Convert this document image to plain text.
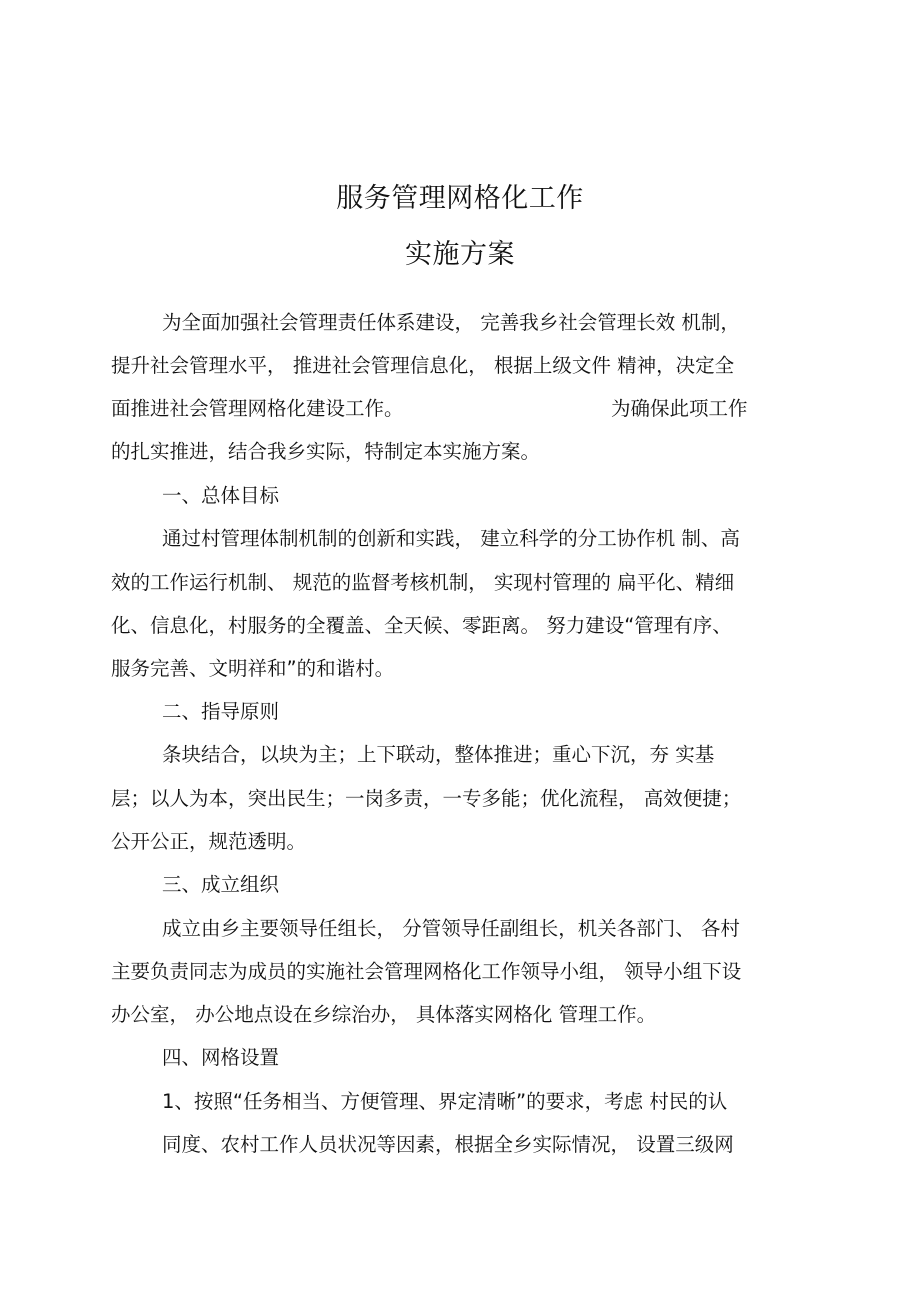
服务管理网格化工作
实施方案
为全面加强社会管理责任体系建设， 完善我乡社会管理长效 机制，
提升社会管理水平， 推进社会管理信息化， 根据上级文件 精神，决定全
面推进社会管理网格化建设工作。	为确保此项工作
的扎实推进，结合我乡实际，特制定本实施方案。
一、总体目标
通过村管理体制机制的创新和实践， 建立科学的分工协作机 制、高
效的工作运行机制、 规范的监督考核机制， 实现村管理的 扁平化、精细
化、信息化，村服务的全覆盖、全天候、零距离。 努力建设“管理有序、
服务完善、文明祥和”的和谐村。
二、指导原则
条块结合，以块为主；上下联动，整体推进；重心下沉，夯 实基
层；以人为本，突出民生；一岗多责，一专多能；优化流程， 高效便捷；
公开公正，规范透明。
三、成立组织
成立由乡主要领导任组长， 分管领导任副组长，机关各部门、 各村
主要负责同志为成员的实施社会管理网格化工作领导小组， 领导小组下设
办公室， 办公地点设在乡综治办， 具体落实网格化 管理工作。
四、网格设置
1、按照“任务相当、方便管理、界定清晰”的要求，考虑 村民的认
同度、农村工作人员状况等因素，根据全乡实际情况， 设置三级网
